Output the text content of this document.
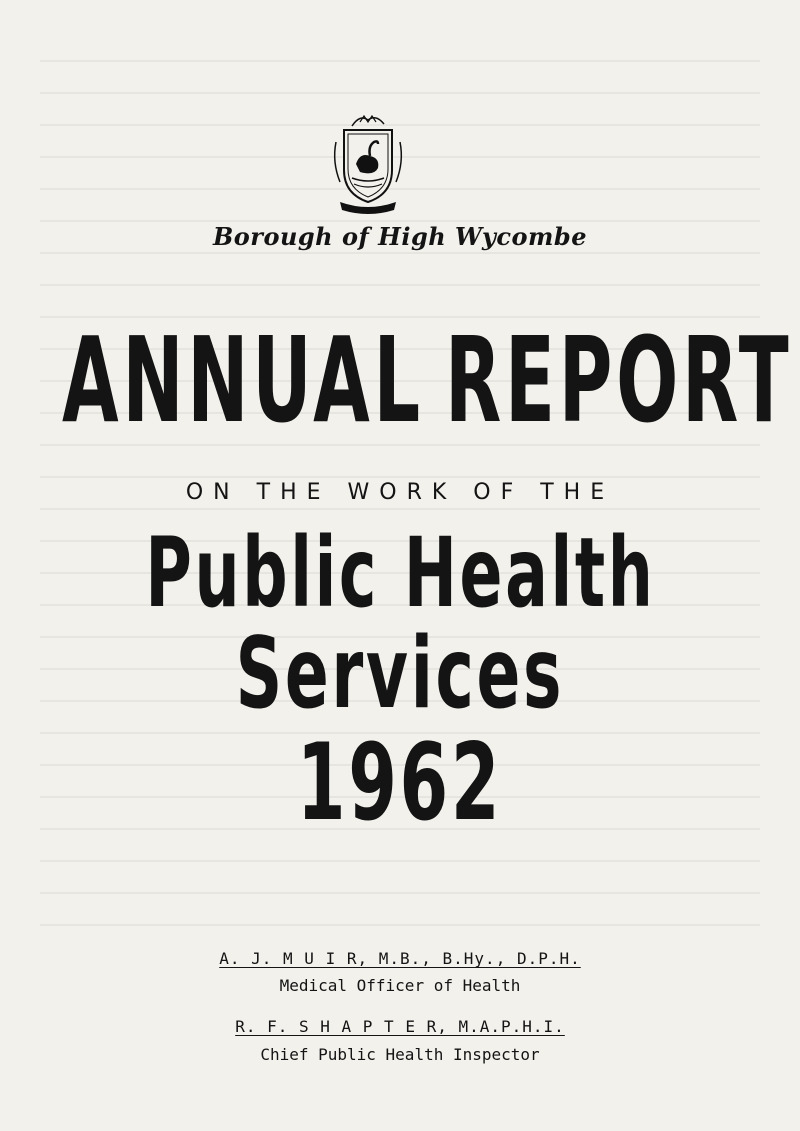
Borough of High Wycombe
ANNUAL REPORT
ON THE WORK OF THE
Public Health
Services
1962
A. J. M U I R, M.B., B.Hy., D.P.H.
Medical Officer of Health
R. F. S H A P T E R, M.A.P.H.I.
Chief Public Health Inspector
